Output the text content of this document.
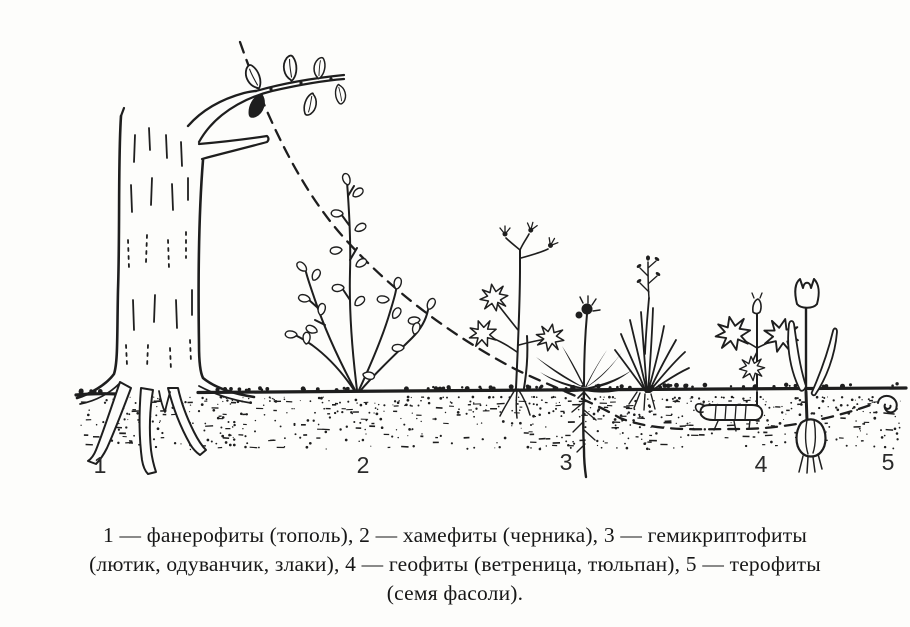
1	2	3	4	5
1 — фанерофиты (тополь), 2 — хамефиты (черника), 3 — гемикриптофиты
(лютик, одуванчик, злаки), 4 — геофиты (ветреница, тюльпан), 5 — терофиты
(семя фасоли).
